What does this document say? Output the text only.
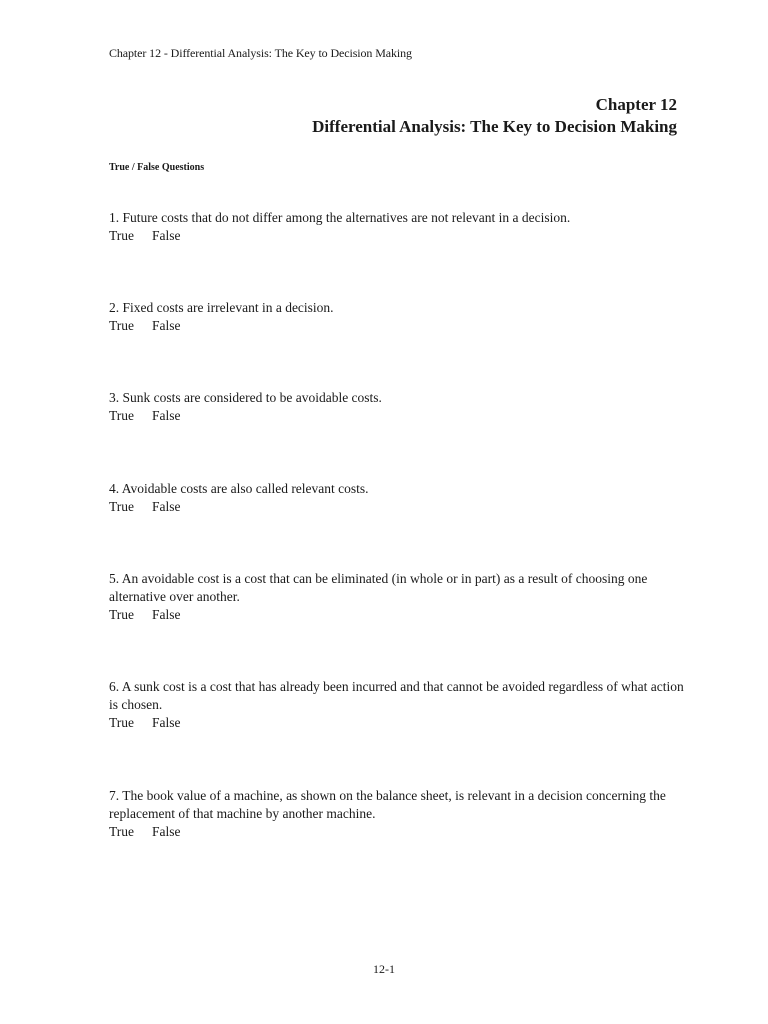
Chapter 12 - Differential Analysis: The Key to Decision Making
Chapter 12
Differential Analysis: The Key to Decision Making
True / False Questions
1. Future costs that do not differ among the alternatives are not relevant in a decision.
True False
2. Fixed costs are irrelevant in a decision.
True False
3. Sunk costs are considered to be avoidable costs.
True False
4. Avoidable costs are also called relevant costs.
True False
5. An avoidable cost is a cost that can be eliminated (in whole or in part) as a result of choosing one alternative over another.
True False
6. A sunk cost is a cost that has already been incurred and that cannot be avoided regardless of what action is chosen.
True False
7. The book value of a machine, as shown on the balance sheet, is relevant in a decision concerning the replacement of that machine by another machine.
True False
12-1
